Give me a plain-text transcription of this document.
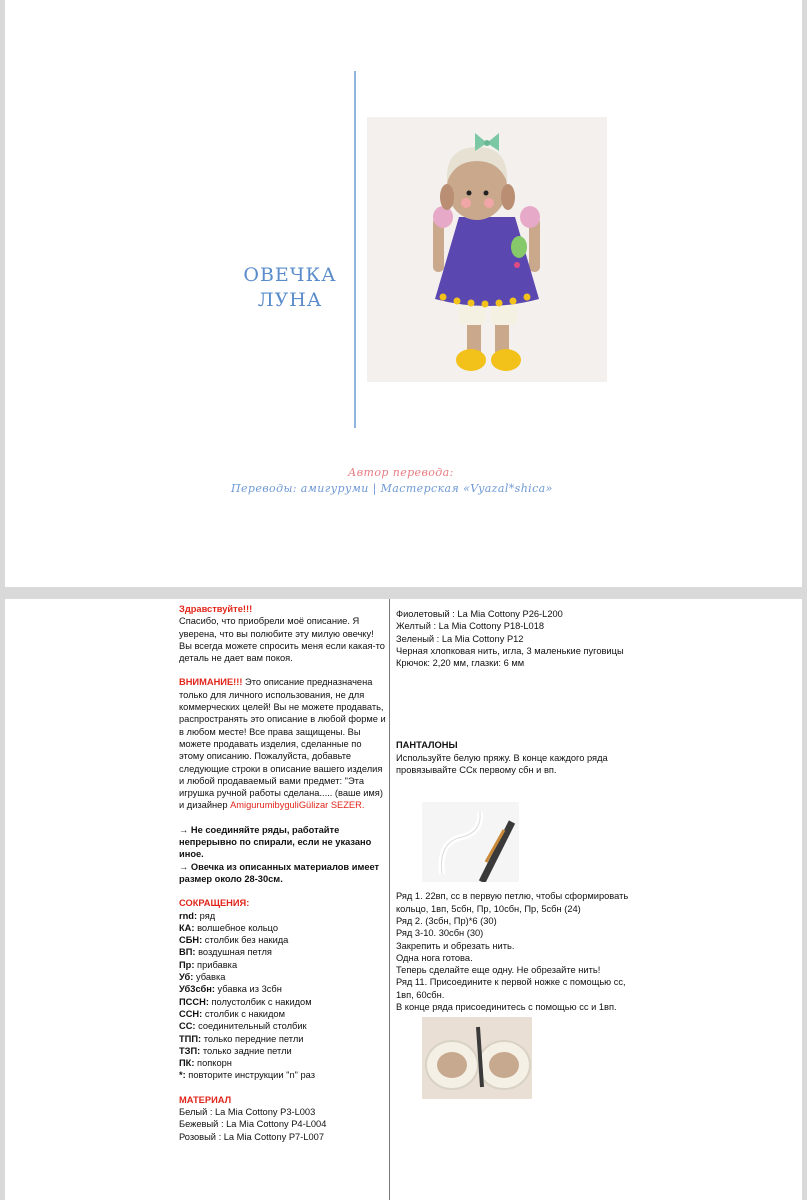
ОВЕЧКА
ЛУНА
Автор перевода:
Переводы: амигуруми | Мастерская «Vyazal*shica»
Здравствуйте!!!
Спасибо, что приобрели моё описание. Я уверена, что вы полюбите эту милую овечку! Вы всегда можете спросить меня если какая-то деталь не дает вам покоя.
ВНИМАНИЕ!!! Это описание предназначена только для личного использования, не для коммерческих целей! Вы не можете продавать, распространять это описание в любой форме и в любом месте! Все права защищены. Вы можете продавать изделия, сделанные по этому описанию. Пожалуйста, добавьте следующие строки в описание вашего изделия и любой продаваемый вами предмет: "Эта игрушка ручной работы сделана..... (ваше имя) и дизайнер AmigurumibyguliGülizar SEZER.
→ Не соединяйте ряды, работайте непрерывно по спирали, если не указано иное.
→ Овечка из описанных материалов имеет размер около 28-30см.
СОКРАЩЕНИЯ:
rnd: ряд
КА: волшебное кольцо
СБН: столбик без накида
ВП: воздушная петля
Пр: прибавка
Уб: убавка
Уб3сбн: убавка из 3сбн
ПССН: полустолбик с накидом
ССН: столбик с накидом
СС: соединительный столбик
ТПП: только передние петли
ТЗП: только задние петли
ПК: попкорн
*: повторите инструкции "n" раз
МАТЕРИАЛ
Белый : La Mia Cottony P3-L003
Бежевый : La Mia Cottony P4-L004
Розовый : La Mia Cottony P7-L007
Фиолетовый : La Mia Cottony P26-L200
Желтый : La Mia Cottony P18-L018
Зеленый : La Mia Cottony P12
Черная хлопковая нить, игла, 3 маленькие пуговицы
Крючок: 2,20 мм, глазки: 6 мм
ПАНТАЛОНЫ
Используйте белую пряжу. В конце каждого ряда провязывайте ССк первому сбн и вп.
Ряд 1. 22вп, сс в первую петлю, чтобы сформировать кольцо, 1вп, 5сбн, Пр, 10сбн, Пр, 5сбн (24)
Ряд 2. (3сбн, Пр)*6 (30)
Ряд 3-10. 30сбн (30)
Закрепить и обрезать нить.
Одна нога готова.
Теперь сделайте еще одну. Не обрезайте нить!
Ряд 11. Присоедините к первой ножке с помощью сс, 1вп, 60сбн.
В конце ряда присоединитесь с помощью сс и 1вп.
